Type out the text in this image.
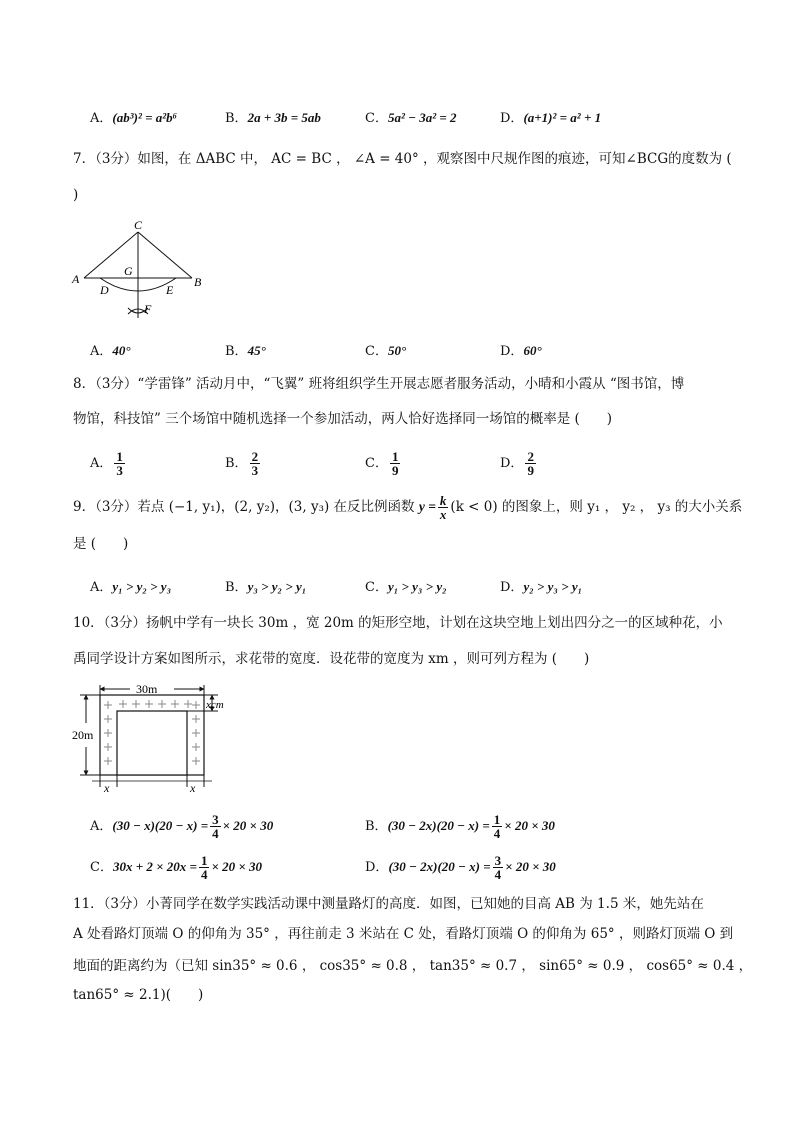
A．(ab³)² = a²b⁶	B．2a + 3b = 5ab	C．5a² − 3a² = 2	D．(a+1)² = a² + 1
7．（3分）如图，在 ΔABC 中， AC = BC ， ∠A = 40° ，观察图中尺规作图的痕迹，可知∠BCG的度数为 (
)
C
A	B
G
D	E
F
A．40°	B．45°	C．50°	D．60°
8．（3分）“学雷锋” 活动月中，“飞翼” 班将组织学生开展志愿者服务活动，小晴和小霞从 “图书馆，博
物馆，科技馆” 三个场馆中随机选择一个参加活动，两人恰好选择同一场馆的概率是 (　　)
A． $\frac{1}{3}$	B． $\frac{2}{3}$	C． $\frac{1}{9}$	D． $\frac{2}{9}$
9．（3分）若点 (−1, y₁)，(2, y₂)，(3, y₃) 在反比例函数 $y = \frac{k}{x} (k < 0)$ 的图象上，则 y₁ ， y₂ ， y₃ 的大小关系
是 (　　)
A．y₁ > y₂ > y₃	B．y₃ > y₂ > y₁	C．y₁ > y₃ > y₂	D．y₂ > y₃ > y₁
10．（3分）扬帆中学有一块长 30m ，宽 20m 的矩形空地，计划在这块空地上划出四分之一的区域种花，小
禹同学设计方案如图所示，求花带的宽度．设花带的宽度为 xm ，则可列方程为 (　　)
30m
20m
xcm
x	x
A．$(30 - x)(20 - x) = \frac{3}{4} \times 20 \times 30$	B．$(30 - 2x)(20 - x) = \frac{1}{4} \times 20 \times 30$
C．$30x + 2 \times 20x = \frac{1}{4} \times 20 \times 30$	D．$(30 - 2x)(20 - x) = \frac{3}{4} \times 20 \times 30$
11．（3分）小菁同学在数学实践活动课中测量路灯的高度．如图，已知她的目高 AB 为 1.5 米，她先站在
A 处看路灯顶端 O 的仰角为 35° ，再往前走 3 米站在 C 处，看路灯顶端 O 的仰角为 65° ，则路灯顶端 O 到
地面的距离约为（已知 sin35° ≈ 0.6 ， cos35° ≈ 0.8 ， tan35° ≈ 0.7 ， sin65° ≈ 0.9 ， cos65° ≈ 0.4 ，
tan65° ≈ 2.1)(　　)
